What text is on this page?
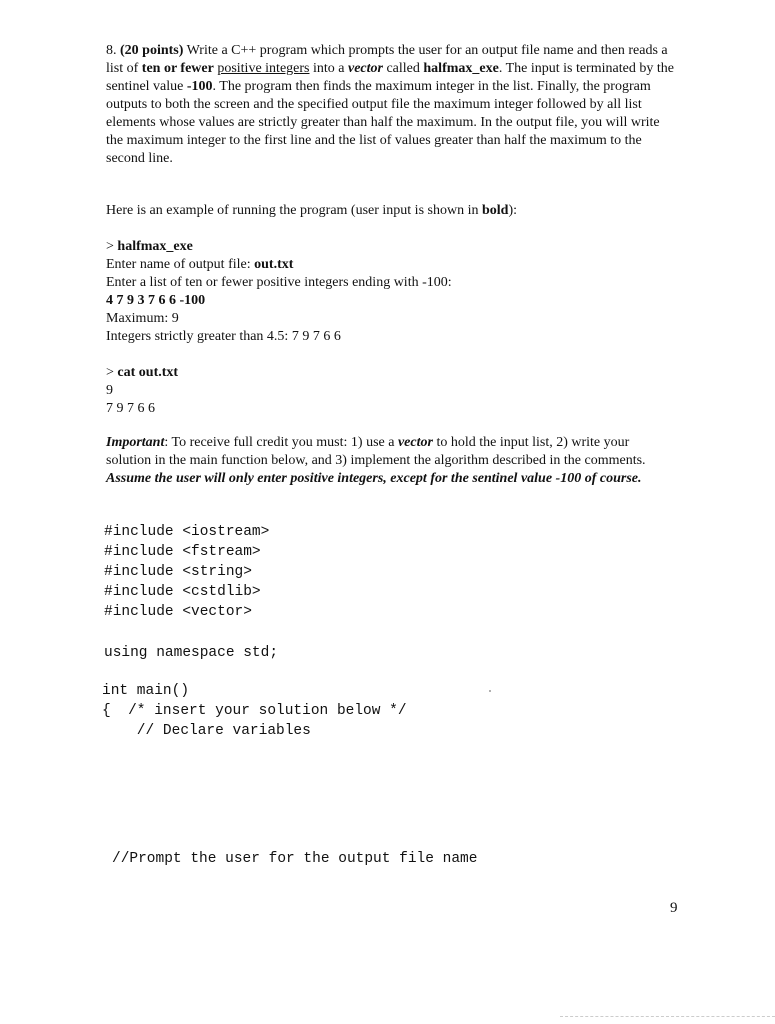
8. (20 points) Write a C++ program which prompts the user for an output file name and then reads a list of ten or fewer positive integers into a vector called halfmax_exe. The input is terminated by the sentinel value -100. The program then finds the maximum integer in the list. Finally, the program outputs to both the screen and the specified output file the maximum integer followed by all list elements whose values are strictly greater than half the maximum. In the output file, you will write the maximum integer to the first line and the list of values greater than half the maximum to the second line.

Here is an example of running the program (user input is shown in bold):
> halfmax_exe
Enter name of output file: out.txt
Enter a list of ten or fewer positive integers ending with -100:
4 7 9 3 7 6 6 -100
Maximum: 9
Integers strictly greater than 4.5: 7 9 7 6 6
> cat out.txt
9
7 9 7 6 6
Important: To receive full credit you must: 1) use a vector to hold the input list, 2) write your solution in the main function below, and 3) implement the algorithm described in the comments. Assume the user will only enter positive integers, except for the sentinel value -100 of course.
#include <iostream>
#include <fstream>
#include <string>
#include <cstdlib>
#include <vector>
using namespace std;
int main()
{  /* insert your solution below */
// Declare variables
//Prompt the user for the output file name
9
